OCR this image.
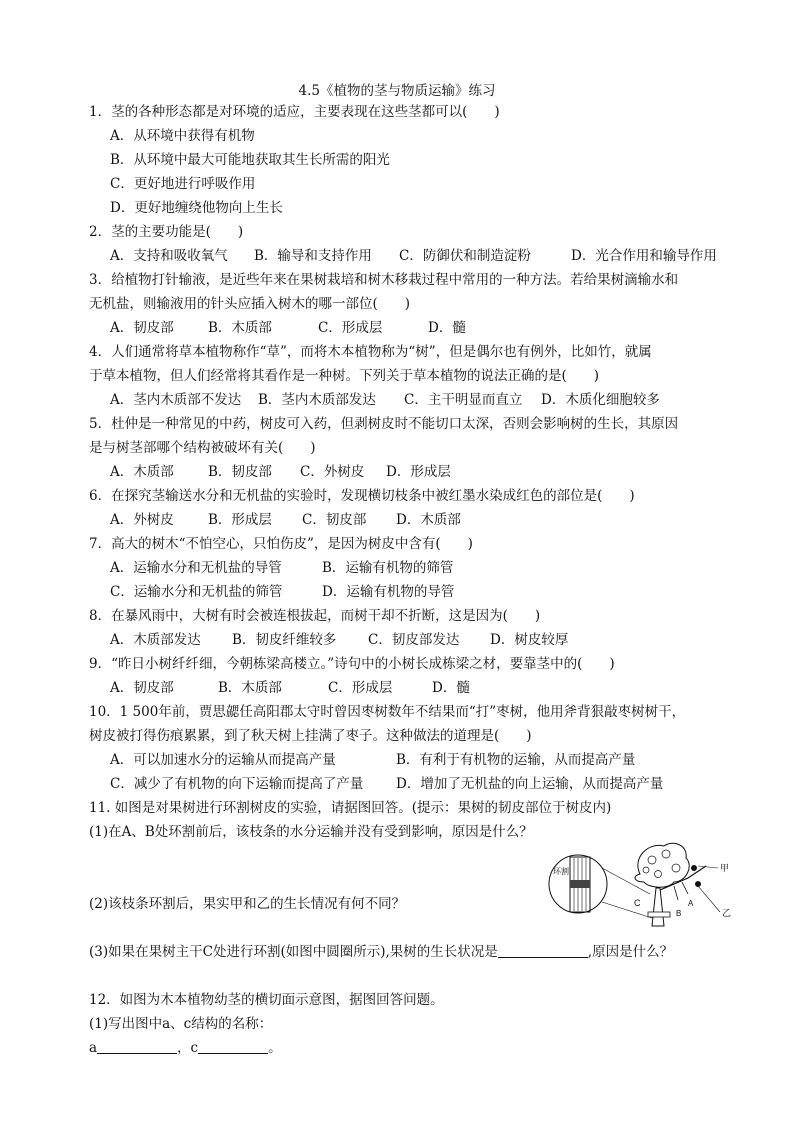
4.5《植物的茎与物质运输》练习
1．茎的各种形态都是对环境的适应，主要表现在这些茎都可以(　　)
A．从环境中获得有机物
B．从环境中最大可能地获取其生长所需的阳光
C．更好地进行呼吸作用
D．更好地缠绕他物向上生长
2．茎的主要功能是(　　)
A．支持和吸收氧气 B．输导和支持作用 C．防御伏和制造淀粉	D．光合作用和输导作用
3．给植物打针输液，是近些年来在果树栽培和树木移栽过程中常用的一种方法。若给果树滴输水和
无机盐，则输液用的针头应插入树木的哪一部位(　　)
A．韧皮部	B．木质部	C．形成层	D．髓
4．人们通常将草本植物称作“草”，而将木本植物称为“树”，但是偶尔也有例外，比如竹，就属
于草本植物，但人们经常将其看作是一种树。下列关于草本植物的说法正确的是(　　)
A．茎内木质部不发达 B．茎内木质部发达 C．主干明显而直立 D．木质化细胞较多
5．杜仲是一种常见的中药，树皮可入药，但剥树皮时不能切口太深，否则会影响树的生长，其原因
是与树茎部哪个结构被破坏有关(　　)
A．木质部	B．韧皮部 C．外树皮 D．形成层
6．在探究茎输送水分和无机盐的实验时，发现横切枝条中被红墨水染成红色的部位是(　　)
A．外树皮	B．形成层 C．韧皮部 D．木质部
7．高大的树木“不怕空心，只怕伤皮”，是因为树皮中含有(　　)
A．运输水分和无机盐的导管	B．运输有机物的筛管
C．运输水分和无机盐的筛管	D．运输有机物的导管
8．在暴风雨中，大树有时会被连根拔起，而树干却不折断，这是因为(　　)
A．木质部发达 B．韧皮纤维较多 C．韧皮部发达 D．树皮较厚
9．“昨日小树纤纤细，今朝栋梁高楼立。”诗句中的小树长成栋梁之材，要靠茎中的(　　)
A．韧皮部	B．木质部	C．形成层	D．髓
10．1 500年前，贾思勰任高阳郡太守时曾因枣树数年不结果而“打”枣树，他用斧背狠敲枣树树干，
树皮被打得伤痕累累，到了秋天树上挂满了枣子。这种做法的道理是(　　)
A．可以加速水分的运输从而提高产量	B．有利于有机物的运输，从而提高产量
C．减少了有机物的向下运输而提高了产量 D．增加了无机盐的向上运输，从而提高产量
11. 如图是对果树进行环割树皮的实验，请据图回答。(提示：果树的韧皮部位于树皮内)
(1)在A、B处环割前后，该枝条的水分运输并没有受到影响，原因是什么？
(2)该枝条环割后，果实甲和乙的生长情况有何不同？
(3)如果在果树主干C处进行环割(如图中圆圈所示),果树的生长状况是	,原因是什么？
环割
C
甲
乙
A
B
12．如图为木本植物幼茎的横切面示意图，据图回答问题。
(1)写出图中a、c结构的名称：
a	，c	。
